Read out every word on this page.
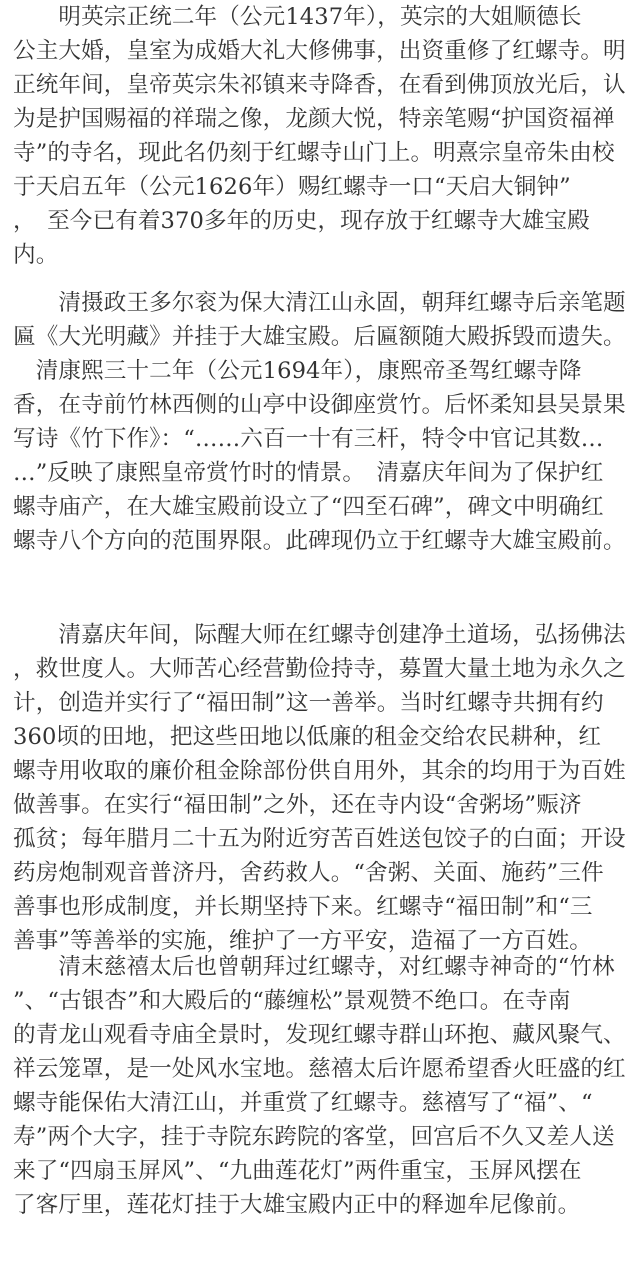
　　明英宗正统二年（公元1437年），英宗的大姐顺德长
公主大婚，皇室为成婚大礼大修佛事，出资重修了红螺寺。明
正统年间，皇帝英宗朱祁镇来寺降香，在看到佛顶放光后，认
为是护国赐福的祥瑞之像，龙颜大悦，特亲笔赐“护国资福禅
寺”的寺名，现此名仍刻于红螺寺山门上。明熹宗皇帝朱由校
于天启五年（公元1626年）赐红螺寺一口“天启大铜钟”
，　至今已有着370多年的历史，现存放于红螺寺大雄宝殿
内。
　　清摄政王多尔衮为保大清江山永固，朝拜红螺寺后亲笔题
匾《大光明藏》并挂于大雄宝殿。后匾额随大殿拆毁而遗失。
　清康熙三十二年（公元1694年），康熙帝圣驾红螺寺降
香，在寺前竹林西侧的山亭中设御座赏竹。后怀柔知县吴景果
写诗《竹下作》：“……六百一十有三杆，特令中官记其数…
…”反映了康熙皇帝赏竹时的情景。　清嘉庆年间为了保护红
螺寺庙产，在大雄宝殿前设立了“四至石碑”，碑文中明确红
螺寺八个方向的范围界限。此碑现仍立于红螺寺大雄宝殿前。
　　清嘉庆年间，际醒大师在红螺寺创建净土道场，弘扬佛法
，救世度人。大师苦心经营勤俭持寺，募置大量土地为永久之
计，创造并实行了“福田制”这一善举。当时红螺寺共拥有约
360顷的田地，把这些田地以低廉的租金交给农民耕种，红
螺寺用收取的廉价租金除部份供自用外，其余的均用于为百姓
做善事。在实行“福田制”之外，还在寺内设“舍粥场”赈济
孤贫；每年腊月二十五为附近穷苦百姓送包饺子的白面；开设
药房炮制观音普济丹，舍药救人。“舍粥、关面、施药”三件
善事也形成制度，并长期坚持下来。红螺寺“福田制”和“三
善事”等善举的实施，维护了一方平安，造福了一方百姓。
　　清末慈禧太后也曾朝拜过红螺寺，对红螺寺神奇的“竹林
”、“古银杏”和大殿后的“藤缠松”景观赞不绝口。在寺南
的青龙山观看寺庙全景时，发现红螺寺群山环抱、藏风聚气、
祥云笼罩，是一处风水宝地。慈禧太后许愿希望香火旺盛的红
螺寺能保佑大清江山，并重赏了红螺寺。慈禧写了“福”、“
寿”两个大字，挂于寺院东跨院的客堂，回宫后不久又差人送
来了“四扇玉屏风”、“九曲莲花灯”两件重宝，玉屏风摆在
了客厅里，莲花灯挂于大雄宝殿内正中的释迦牟尼像前。
